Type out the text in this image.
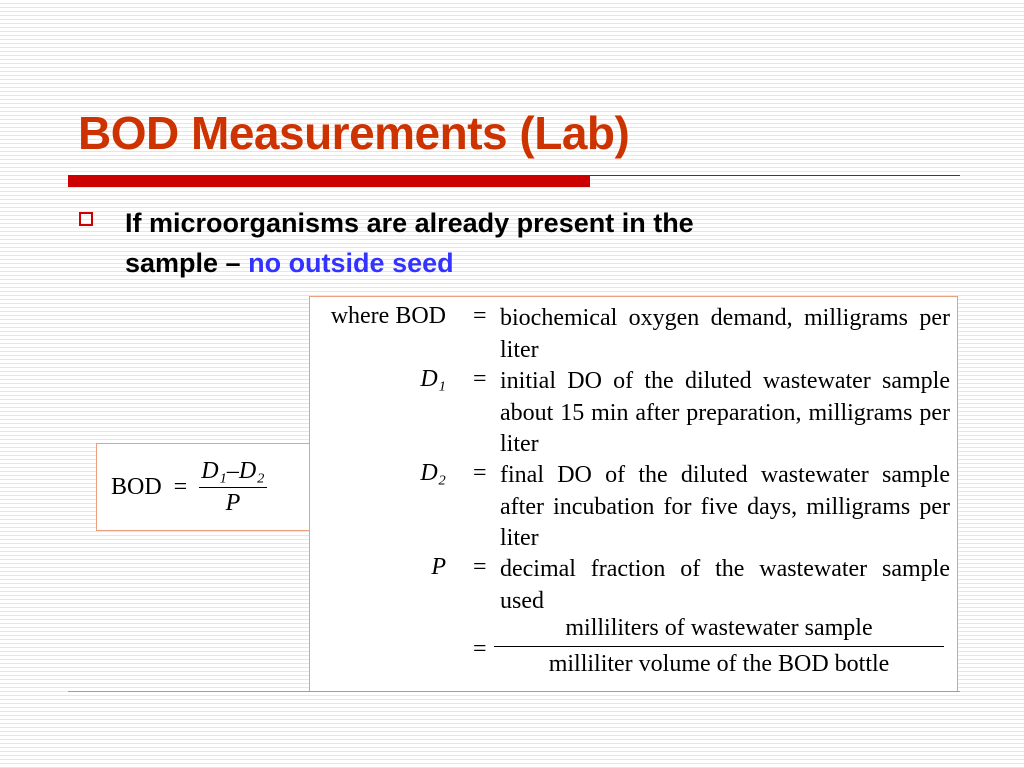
BOD Measurements (Lab)
If microorganisms are already present in the
sample – no outside seed
BOD = $\frac{\text{D₁–D₂}}{P}$
where BOD = biochemical oxygen demand, milligrams per liter
D₁ = initial DO of the diluted wastewater sample about 15 min after preparation, milligrams per liter
D₂ = final DO of the diluted wastewater sample after incubation for five days, milligrams per liter
P = decimal fraction of the wastewater sample used
=
milliliters of wastewater sample
milliliter volume of the BOD bottle
